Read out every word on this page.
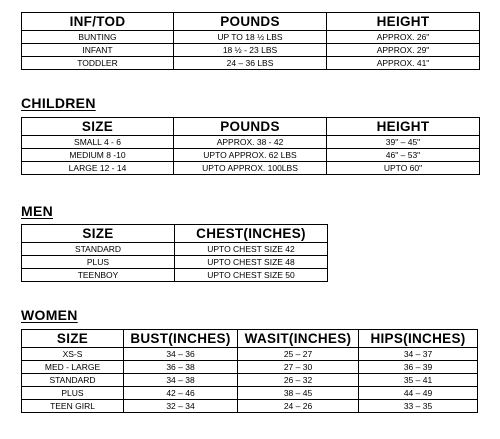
INF/TOD	POUNDS	HEIGHT
BUNTING	UP TO 18 ½ LBS	APPROX. 26"
INFANT	18 ½ - 23 LBS	APPROX. 29"
TODDLER	24 – 36 LBS	APPROX. 41"
CHILDREN
SIZE	POUNDS	HEIGHT
SMALL 4 - 6	APPROX. 38 - 42	39" – 45"
MEDIUM 8 -10	UPTO APPROX. 62 LBS	46" – 53"
LARGE 12 - 14	UPTO APPROX. 100LBS	UPTO 60"
MEN
SIZE	CHEST(INCHES)
STANDARD	UPTO CHEST SIZE 42
PLUS	UPTO CHEST SIZE 48
TEENBOY	UPTO CHEST SIZE 50
WOMEN
SIZE	BUST(INCHES)	WASIT(INCHES)	HIPS(INCHES)
XS-S	34 – 36	25 – 27	34 – 37
MED - LARGE	36 – 38	27 – 30	36 – 39
STANDARD	34 – 38	26 – 32	35 – 41
PLUS	42 – 46	38 – 45	44 – 49
TEEN GIRL	32 – 34	24 – 26	33 – 35
